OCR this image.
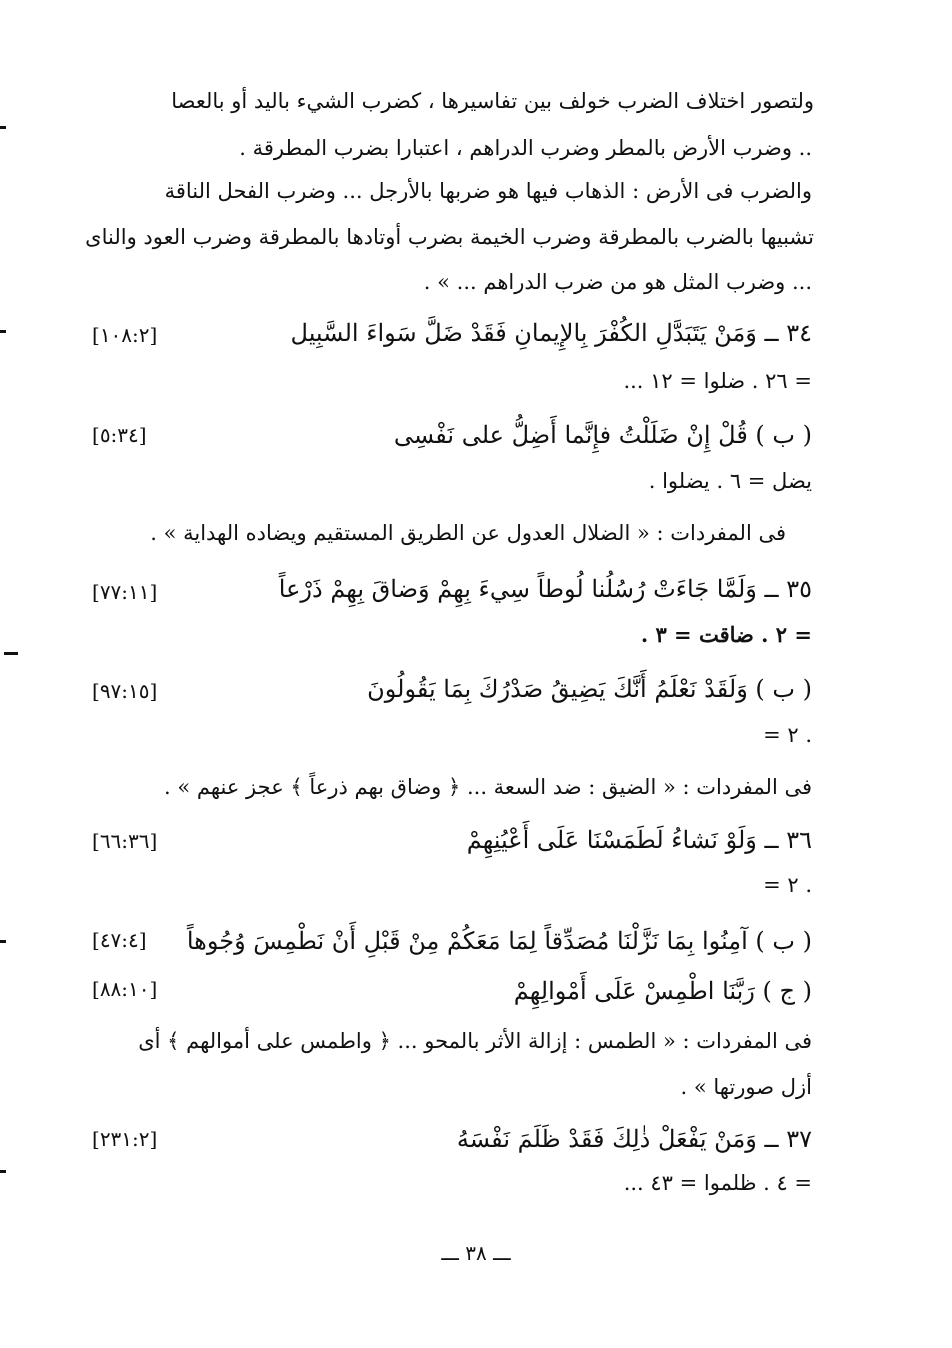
ولتصور اختلاف الضرب خولف بين تفاسيرها ، كضرب الشيء باليد أو بالعصا
.. وضرب الأرض بالمطر وضرب الدراهم ، اعتبارا بضرب المطرقة .
والضرب فى الأرض : الذهاب فيها هو ضربها بالأرجل ... وضرب الفحل الناقة
تشبيها بالضرب بالمطرقة وضرب الخيمة بضرب أوتادها بالمطرقة وضرب العود والناى
... وضرب المثل هو من ضرب الدراهم ... » .
٣٤ ــ وَمَنْ يَتَبَدَّلِ الكُفْرَ بِالإِيمانِ فَقَدْ ضَلَّ سَواءَ السَّبِيل
[١٠٨:٢]
= ٢٦ . ضلوا = ١٢ ...
( ب ) قُلْ إِنْ ضَلَلْتُ فإِنَّما أَضِلُّ على نَفْسِى
[٥:٣٤]
يضل = ٦ . يضلوا .
فى المفردات : « الضلال العدول عن الطريق المستقيم ويضاده الهداية » .
٣٥ ــ وَلَمَّا جَاءَتْ رُسُلُنا لُوطاً سِيءَ بِهِمْ وَضاقَ بِهِمْ ذَرْعاً
[٧٧:١١]
= ٢ . ضاقت = ٣ .
( ب ) وَلَقَدْ نَعْلَمُ أَنَّكَ يَضِيقُ صَدْرُكَ بِمَا يَقُولُونَ
[٩٧:١٥]
= ٢ .
فى المفردات : « الضيق : ضد السعة ... ﴿ وضاق بهم ذرعاً ﴾ عجز عنهم » .
٣٦ ــ وَلَوْ نَشاءُ لَطَمَسْنَا عَلَى أَعْيُنِهِمْ
[٦٦:٣٦]
= ٢ .
( ب ) آمِنُوا بِمَا نَزَّلْنَا مُصَدِّقاً لِمَا مَعَكُمْ مِنْ قَبْلِ أَنْ نَطْمِسَ وُجُوهاً
[٤٧:٤]
( ج ) رَبَّنَا اطْمِسْ عَلَى أَمْوالِهِمْ
[٨٨:١٠]
فى المفردات : « الطمس : إزالة الأثر بالمحو ... ﴿ واطمس على أموالهم ﴾ أى
أزل صورتها » .
٣٧ ــ وَمَنْ يَفْعَلْ ذٰلِكَ فَقَدْ ظَلَمَ نَفْسَهُ
[٢٣١:٢]
= ٤ . ظلموا = ٤٣ ...
ـــ ٣٨ ـــ
